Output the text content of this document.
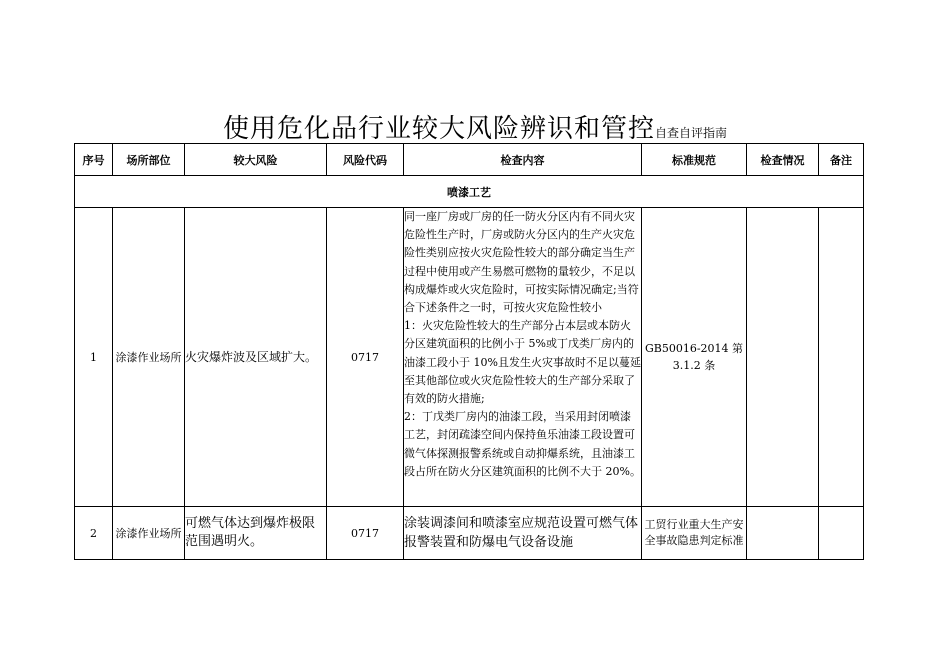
使用危化品行业较大风险辨识和管控自查自评指南
序号	场所部位	较大风险	风险代码	检查内容	标准规范	检查情况	备注
喷漆工艺							
1	涂漆作业场所	火灾爆炸波及区域扩大。	0717	同一座厂房或厂房的任一防火分区内有不同火灾危险性生产时，厂房或防火分区内的生产火灾危险性类别应按火灾危险性较大的部分确定当生产过程中使用或产生易燃可燃物的量较少，不足以构成爆炸或火灾危险时，可按实际情况确定;当符合下述条件之一时，可按火灾危险性较小
1：火灾危险性较大的生产部分占本层或本防火分区建筑面积的比例小于 5%或丁戊类厂房内的油漆工段小于 10%且发生火灾事故时不足以蔓延至其他部位或火灾危险性较大的生产部分采取了有效的防火措施;
2：丁戊类厂房内的油漆工段，当采用封闭喷漆工艺，封闭疏漆空间内保持鱼乐油漆工段设置可微气体探测报警系统或自动抑爆系统，且油漆工段占所在防火分区建筑面积的比例不大于 20%。	GB50016-2014 第 3.1.2 条		
2	涂漆作业场所	可燃气体达到爆炸极限范围遇明火。	0717	涂装调漆间和喷漆室应规范设置可燃气体报警装置和防爆电气设备设施	工贸行业重大生产安全事故隐患判定标准		
